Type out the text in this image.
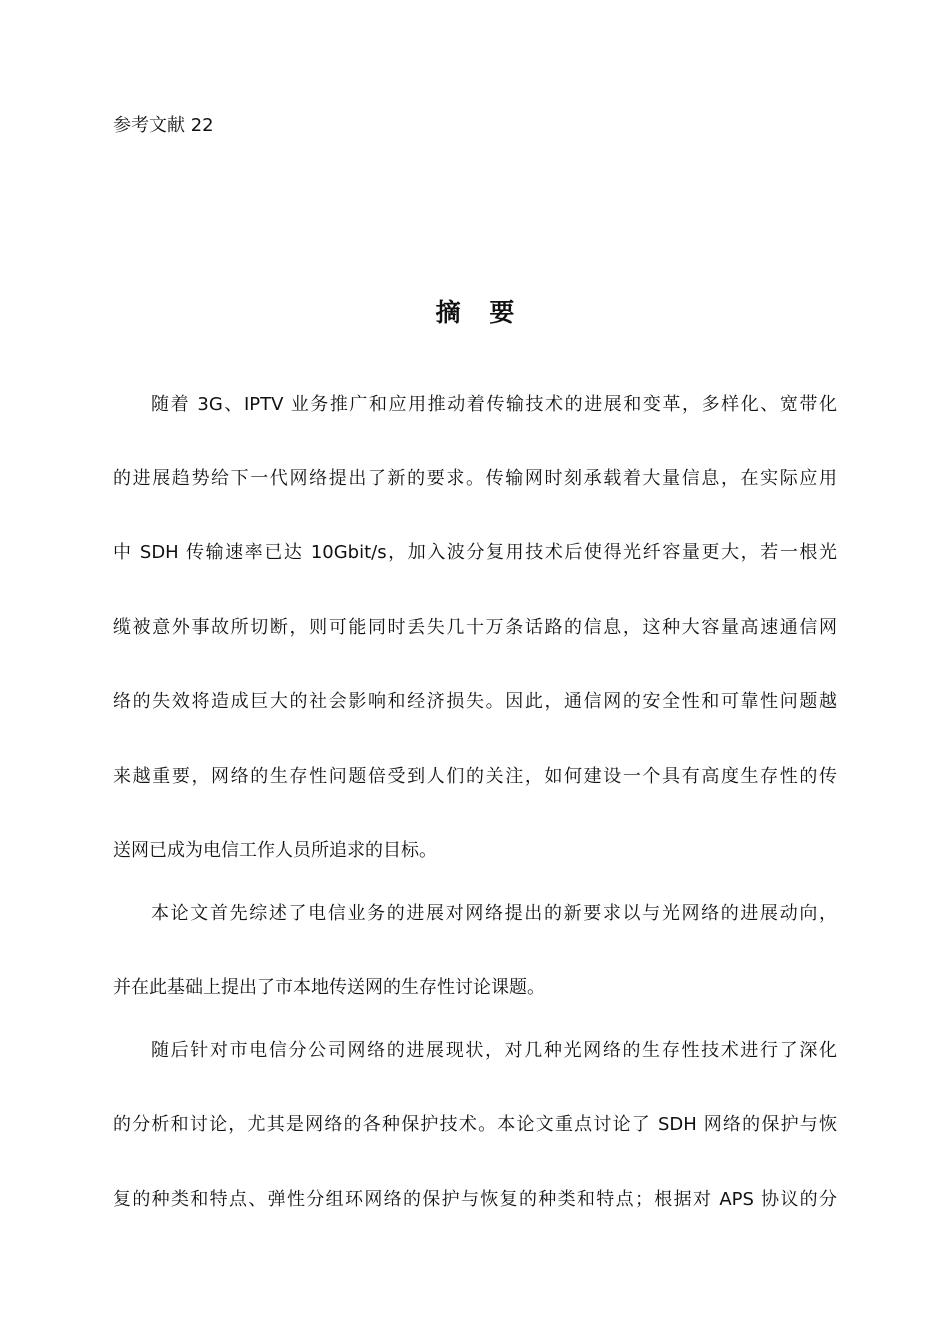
参考文献 22
摘 要
随着 3G、IPTV 业务推广和应用推动着传输技术的进展和变革，多样化、宽带化
的进展趋势给下一代网络提出了新的要求。传输网时刻承载着大量信息，在实际应用
中 SDH 传输速率已达 10Gbit/s，加入波分复用技术后使得光纤容量更大，若一根光
缆被意外事故所切断，则可能同时丢失几十万条话路的信息，这种大容量高速通信网
络的失效将造成巨大的社会影响和经济损失。因此，通信网的安全性和可靠性问题越
来越重要，网络的生存性问题倍受到人们的关注，如何建设一个具有高度生存性的传
送网已成为电信工作人员所追求的目标。
本论文首先综述了电信业务的进展对网络提出的新要求以与光网络的进展动向，
并在此基础上提出了市本地传送网的生存性讨论课题。
随后针对市电信分公司网络的进展现状，对几种光网络的生存性技术进行了深化
的分析和讨论，尤其是网络的各种保护技术。本论文重点讨论了 SDH 网络的保护与恢
复的种类和特点、弹性分组环网络的保护与恢复的种类和特点；根据对 APS 协议的分
